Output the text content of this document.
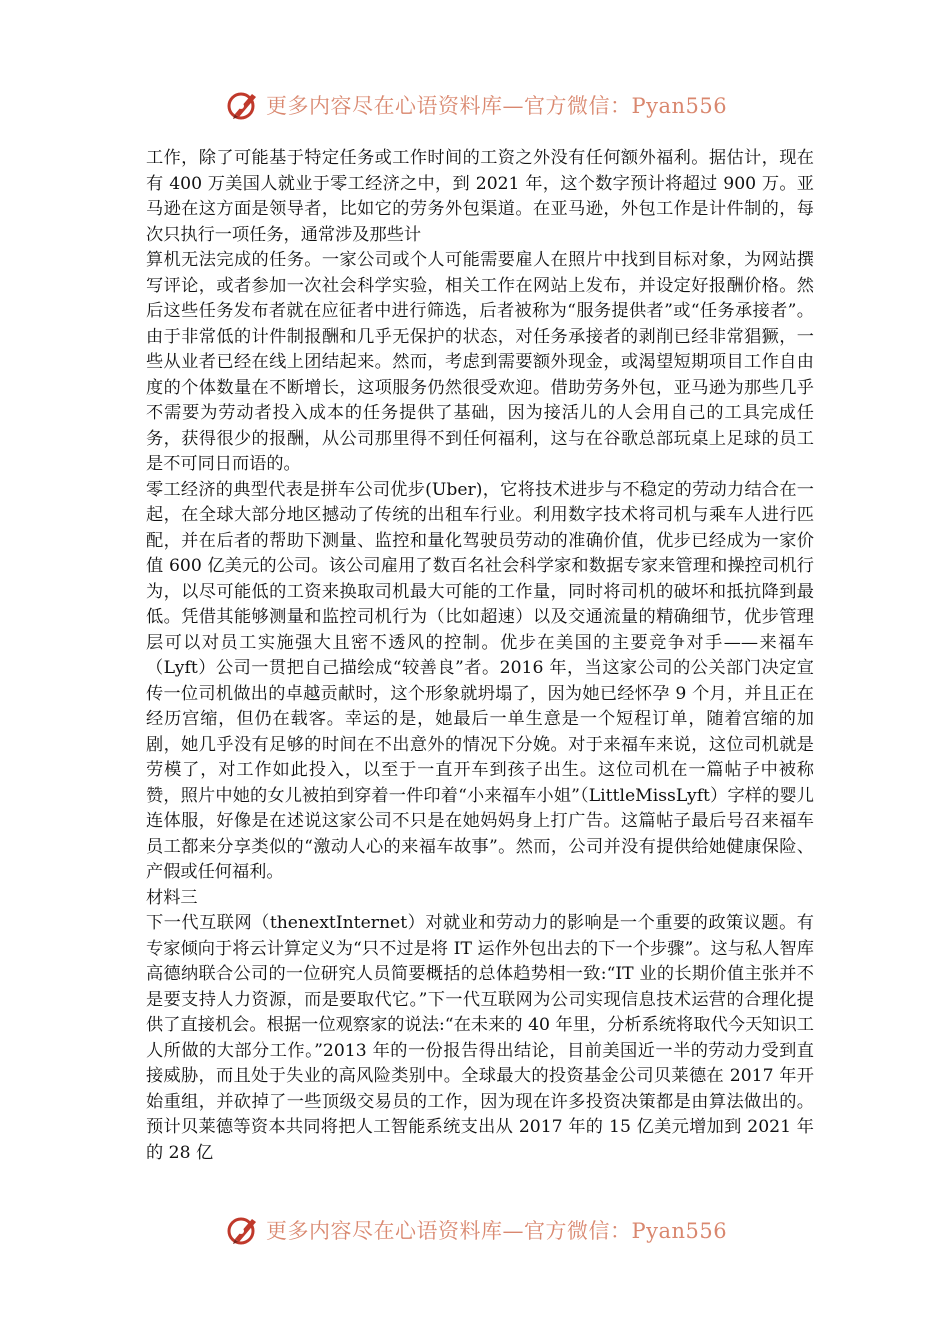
更多内容尽在心语资料库—官方微信：Pyan556

工作，除了可能基于特定任务或工作时间的工资之外没有任何额外福利。据估计，现在有 400 万美国人就业于零工经济之中，到 2021 年，这个数字预计将超过 900 万。亚马逊在这方面是领导者，比如它的劳务外包渠道。在亚马逊，外包工作是计件制的，每次只执行一项任务，通常涉及那些计

算机无法完成的任务。一家公司或个人可能需要雇人在照片中找到目标对象，为网站撰写评论，或者参加一次社会科学实验，相关工作在网站上发布，并设定好报酬价格。然后这些任务发布者就在应征者中进行筛选，后者被称为“服务提供者”或“任务承接者”。由于非常低的计件制报酬和几乎无保护的状态，对任务承接者的剥削已经非常猖獗，一些从业者已经在线上团结起来。然而，考虑到需要额外现金，或渴望短期项目工作自由度的个体数量在不断增长，这项服务仍然很受欢迎。借助劳务外包，亚马逊为那些几乎不需要为劳动者投入成本的任务提供了基础，因为接活儿的人会用自己的工具完成任务，获得很少的报酬，从公司那里得不到任何福利，这与在谷歌总部玩桌上足球的员工是不可同日而语的。

零工经济的典型代表是拼车公司优步(Uber)，它将技术进步与不稳定的劳动力结合在一起，在全球大部分地区撼动了传统的出租车行业。利用数字技术将司机与乘车人进行匹配，并在后者的帮助下测量、监控和量化驾驶员劳动的准确价值，优步已经成为一家价值 600 亿美元的公司。该公司雇用了数百名社会科学家和数据专家来管理和操控司机行为，以尽可能低的工资来换取司机最大可能的工作量，同时将司机的破坏和抵抗降到最低。凭借其能够测量和监控司机行为（比如超速）以及交通流量的精确细节，优步管理层可以对员工实施强大且密不透风的控制。优步在美国的主要竞争对手——来福车（Lyft）公司一贯把自己描绘成“较善良”者。2016 年，当这家公司的公关部门决定宣传一位司机做出的卓越贡献时，这个形象就坍塌了，因为她已经怀孕 9 个月，并且正在经历宫缩，但仍在载客。幸运的是，她最后一单生意是一个短程订单，随着宫缩的加剧，她几乎没有足够的时间在不出意外的情况下分娩。对于来福车来说，这位司机就是劳模了，对工作如此投入，以至于一直开车到孩子出生。这位司机在一篇帖子中被称赞，照片中她的女儿被拍到穿着一件印着“小来福车小姐”（LittleMissLyft）字样的婴儿连体服，好像是在述说这家公司不只是在她妈妈身上打广告。这篇帖子最后号召来福车员工都来分享类似的“激动人心的来福车故事”。然而，公司并没有提供给她健康保险、产假或任何福利。

材料三

下一代互联网（thenextInternet）对就业和劳动力的影响是一个重要的政策议题。有专家倾向于将云计算定义为“只不过是将 IT 运作外包出去的下一个步骤”。这与私人智库高德纳联合公司的一位研究人员简要概括的总体趋势相一致:“IT 业的长期价值主张并不是要支持人力资源，而是要取代它。”下一代互联网为公司实现信息技术运营的合理化提供了直接机会。根据一位观察家的说法:“在未来的 40 年里，分析系统将取代今天知识工人所做的大部分工作。”2013 年的一份报告得出结论，目前美国近一半的劳动力受到直接威胁，而且处于失业的高风险类别中。全球最大的投资基金公司贝莱德在 2017 年开始重组，并砍掉了一些顶级交易员的工作，因为现在许多投资决策都是由算法做出的。预计贝莱德等资本共同将把人工智能系统支出从 2017 年的 15 亿美元增加到 2021 年的 28 亿

更多内容尽在心语资料库—官方微信：Pyan556
